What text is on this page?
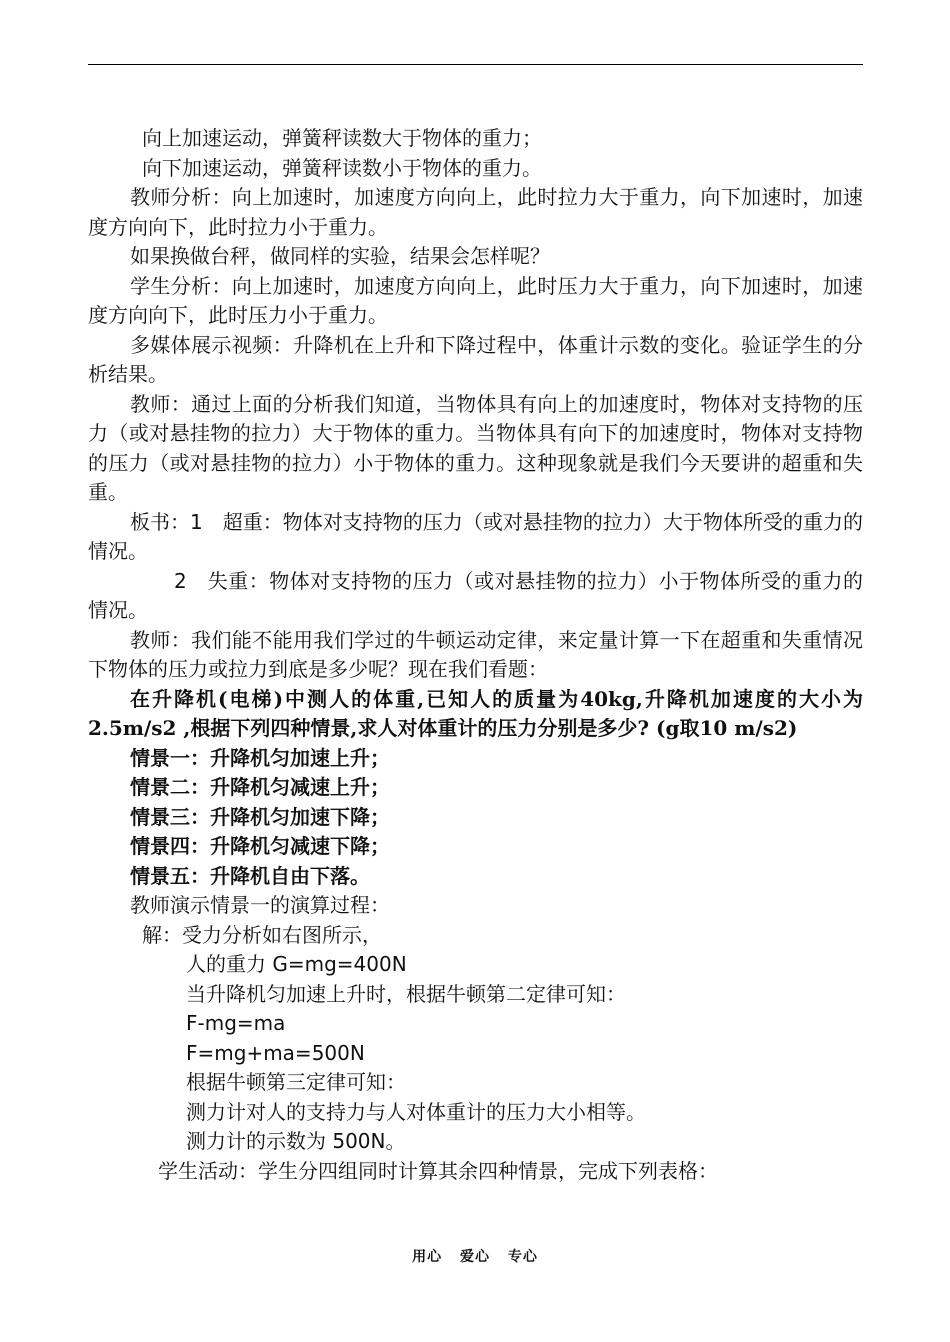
向上加速运动，弹簧秤读数大于物体的重力；

向下加速运动，弹簧秤读数小于物体的重力。

教师分析：向上加速时，加速度方向向上，此时拉力大于重力，向下加速时，加速度方向向下，此时拉力小于重力。

如果换做台秤，做同样的实验，结果会怎样呢？

学生分析：向上加速时，加速度方向向上，此时压力大于重力，向下加速时，加速度方向向下，此时压力小于重力。

多媒体展示视频：升降机在上升和下降过程中，体重计示数的变化。验证学生的分析结果。

教师：通过上面的分析我们知道，当物体具有向上的加速度时，物体对支持物的压力（或对悬挂物的拉力）大于物体的重力。当物体具有向下的加速度时，物体对支持物的压力（或对悬挂物的拉力）小于物体的重力。这种现象就是我们今天要讲的超重和失重。

板书：1　超重：物体对支持物的压力（或对悬挂物的拉力）大于物体所受的重力的情况。

2　失重：物体对支持物的压力（或对悬挂物的拉力）小于物体所受的重力的情况。

教师：我们能不能用我们学过的牛顿运动定律，来定量计算一下在超重和失重情况下物体的压力或拉力到底是多少呢？现在我们看题：

在升降机(电梯)中测人的体重,已知人的质量为40kg,升降机加速度的大小为2.5m/s2 ,根据下列四种情景,求人对体重计的压力分别是多少? (g取10 m/s2)

情景一：升降机匀加速上升；

情景二：升降机匀减速上升；

情景三：升降机匀加速下降；

情景四：升降机匀减速下降；

情景五：升降机自由下落。

教师演示情景一的演算过程：

解：受力分析如右图所示，

人的重力 G=mg=400N

当升降机匀加速上升时，根据牛顿第二定律可知：

F-mg=ma

F=mg+ma=500N

根据牛顿第三定律可知：

测力计对人的支持力与人对体重计的压力大小相等。

测力计的示数为 500N。

学生活动：学生分四组同时计算其余四种情景，完成下列表格：

用心 爱心 专心
